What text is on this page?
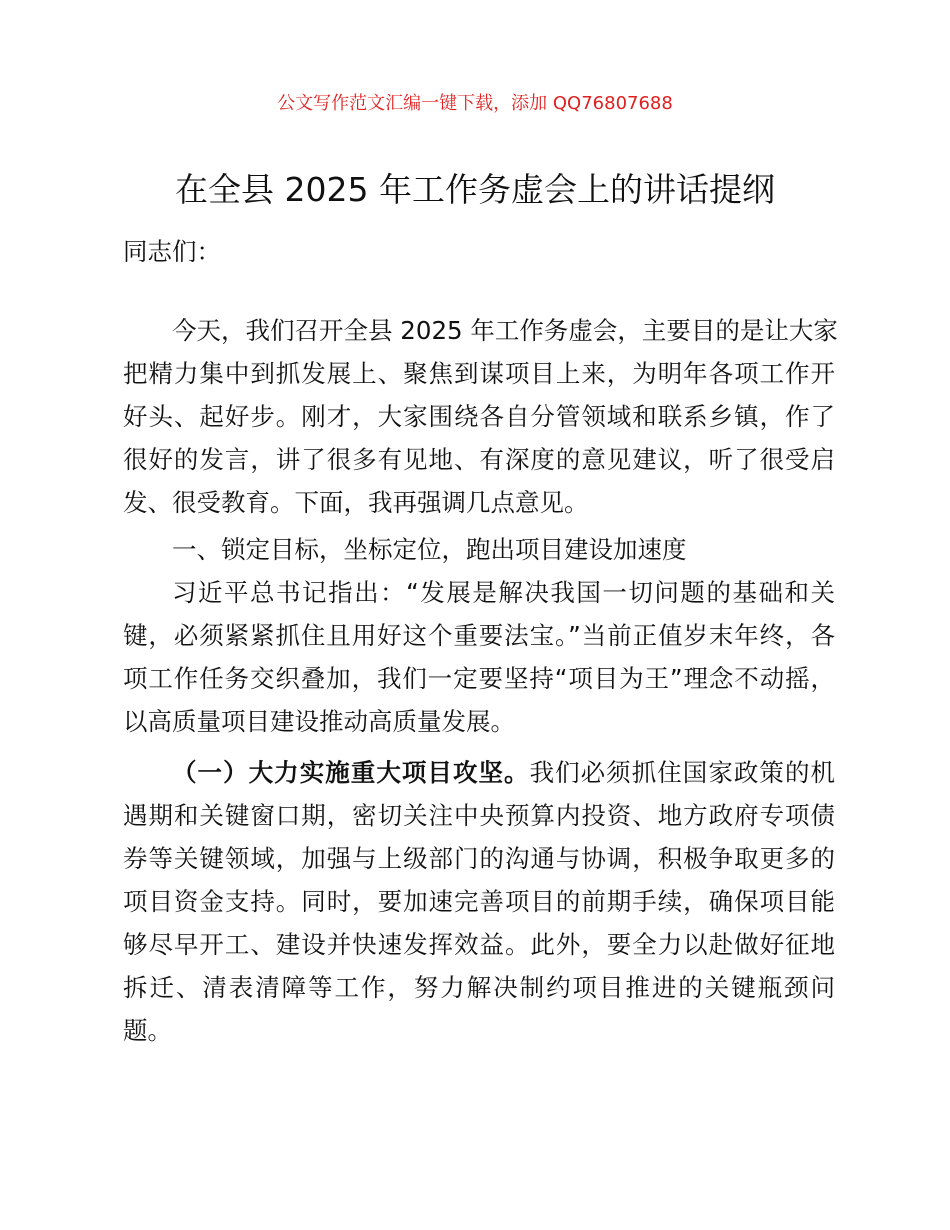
公文写作范文汇编一键下载，添加 QQ76807688
在全县 2025 年工作务虚会上的讲话提纲
同志们：
今天，我们召开全县 2025 年工作务虚会，主要目的是让大家
把精力集中到抓发展上、聚焦到谋项目上来，为明年各项工作开
好头、起好步。刚才，大家围绕各自分管领域和联系乡镇，作了
很好的发言，讲了很多有见地、有深度的意见建议，听了很受启
发、很受教育。下面，我再强调几点意见。
一、锁定目标，坐标定位，跑出项目建设加速度
习近平总书记指出：“发展是解决我国一切问题的基础和关
键，必须紧紧抓住且用好这个重要法宝。”当前正值岁末年终，各
项工作任务交织叠加，我们一定要坚持“项目为王”理念不动摇，
以高质量项目建设推动高质量发展。
（一）大力实施重大项目攻坚。我们必须抓住国家政策的机
遇期和关键窗口期，密切关注中央预算内投资、地方政府专项债
券等关键领域，加强与上级部门的沟通与协调，积极争取更多的
项目资金支持。同时，要加速完善项目的前期手续，确保项目能
够尽早开工、建设并快速发挥效益。此外，要全力以赴做好征地
拆迁、清表清障等工作，努力解决制约项目推进的关键瓶颈问
题。
